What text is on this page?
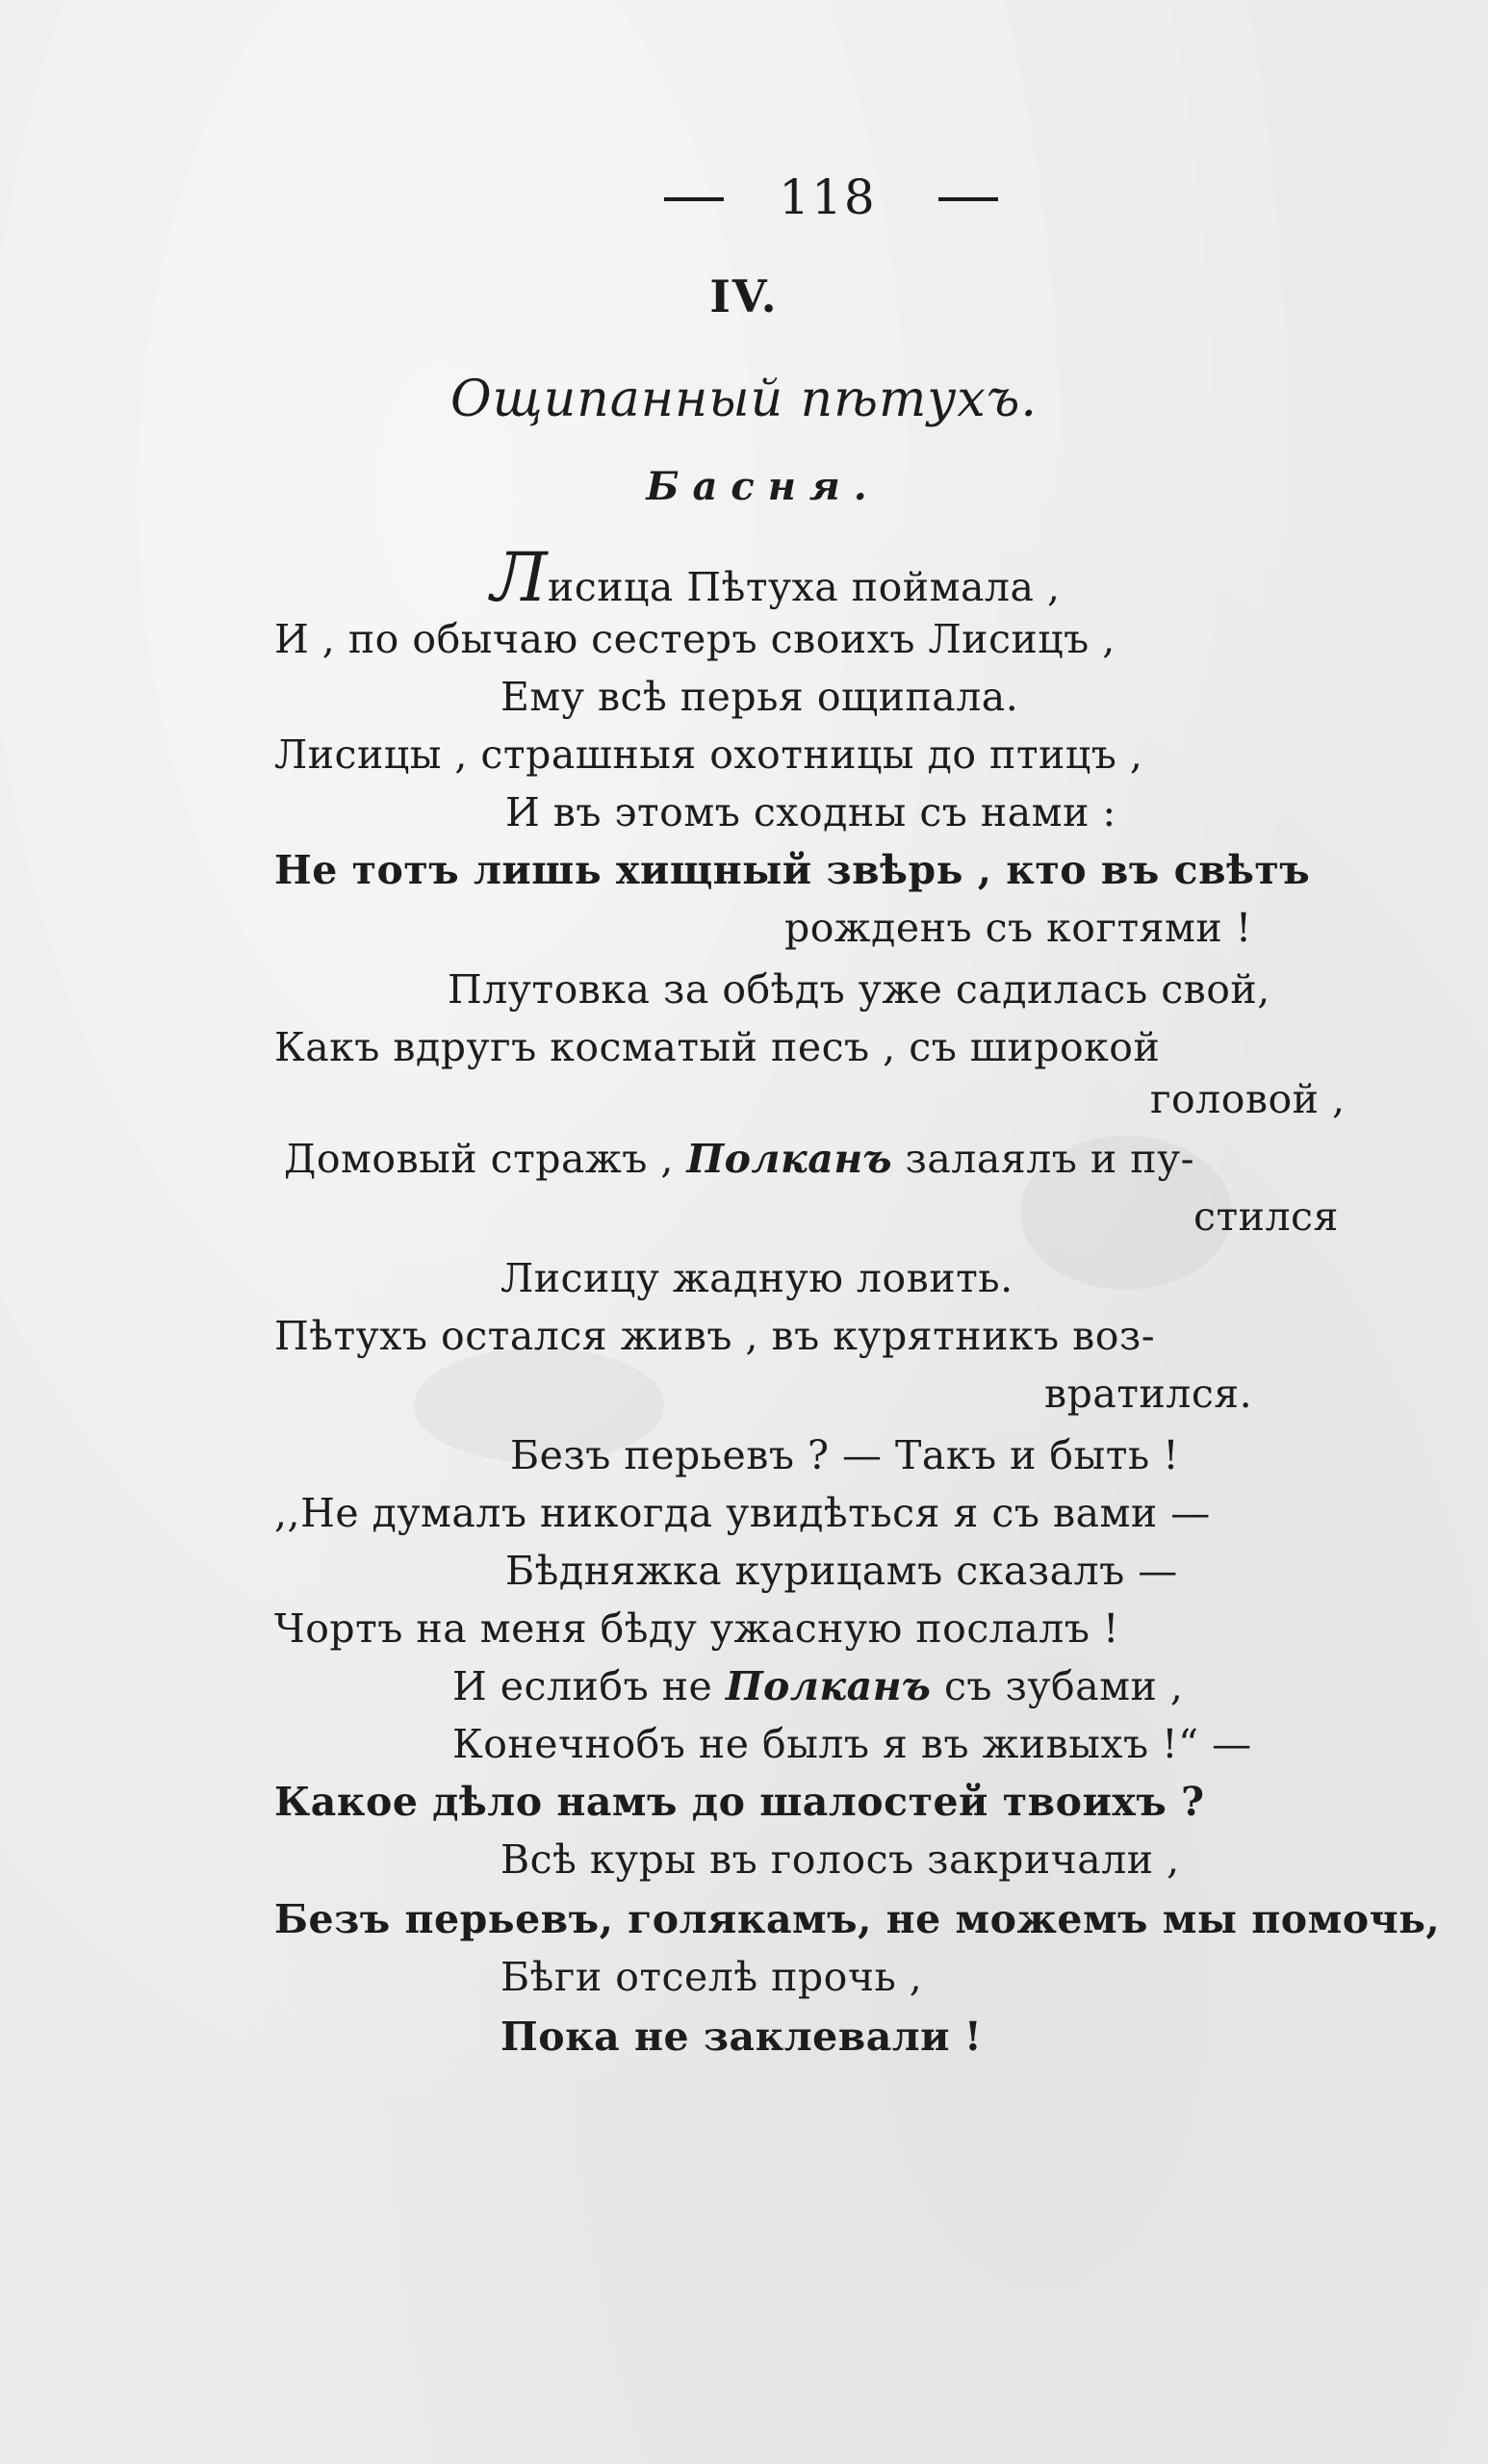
118
IV.
Ощипанный пѣтухъ.
Басня.
Лисица Пѣтуха поймала ,
И , по обычаю сестеръ своихъ Лисицъ ,
Ему всѣ перья ощипала.
Лисицы , страшныя охотницы до птицъ ,
И въ этомъ сходны съ нами :
Не тотъ лишь хищный звѣрь , кто въ свѣтъ
рожденъ съ когтями !
Плутовка за обѣдъ уже садилась свой,
Какъ вдругъ косматый песъ , съ широкой
головой ,
Домовый стражъ , Полканъ залаялъ и пу-
стился
Лисицу жадную ловить.
Пѣтухъ остался живъ , въ курятникъ воз-
вратился.
Безъ перьевъ ? — Такъ и быть !
,,Не думалъ никогда увидѣться я съ вами —
Бѣдняжка курицамъ сказалъ —
Чортъ на меня бѣду ужасную послалъ !
И еслибъ не Полканъ съ зубами ,
Конечнобъ не былъ я въ живыхъ !“ —
Какое дѣло намъ до шалостей твоихъ ?
Всѣ куры въ голосъ закричали ,
Безъ перьевъ, голякамъ, не можемъ мы помочь,
Бѣги отселѣ прочь ,
Пока не заклевали !
